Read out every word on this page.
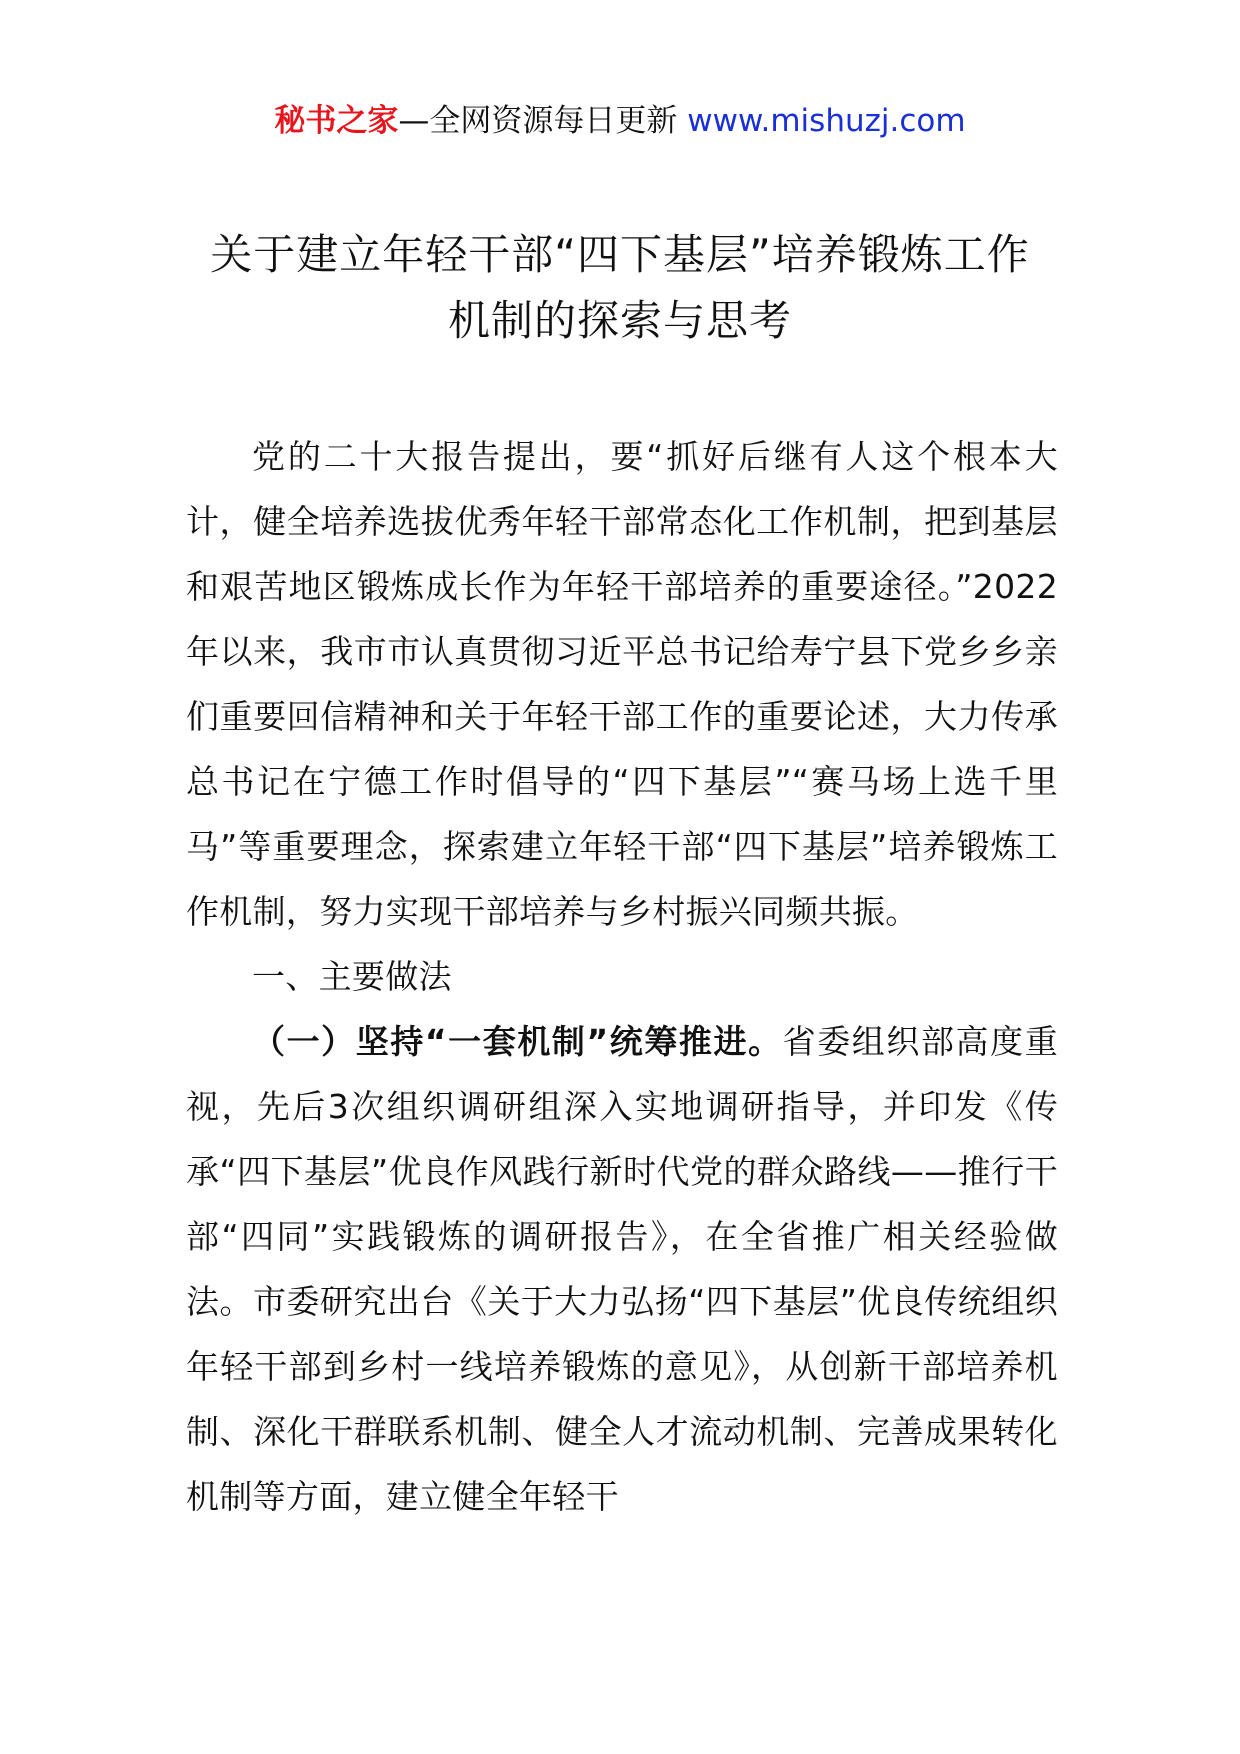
秘书之家—全网资源每日更新 www.mishuzj.com
关于建立年轻干部“四下基层”培养锻炼工作
机制的探索与思考

党的二十大报告提出，要“抓好后继有人这个根本大计，健全培养选拔优秀年轻干部常态化工作机制，把到基层和艰苦地区锻炼成长作为年轻干部培养的重要途径。”2022年以来，我市市认真贯彻习近平总书记给寿宁县下党乡乡亲们重要回信精神和关于年轻干部工作的重要论述，大力传承总书记在宁德工作时倡导的“四下基层”“赛马场上选千里马”等重要理念，探索建立年轻干部“四下基层”培养锻炼工作机制，努力实现干部培养与乡村振兴同频共振。

一、主要做法

（一）坚持“一套机制”统筹推进。省委组织部高度重视，先后3次组织调研组深入实地调研指导，并印发《传承“四下基层”优良作风践行新时代党的群众路线——推行干部“四同”实践锻炼的调研报告》，在全省推广相关经验做法。市委研究出台《关于大力弘扬“四下基层”优良传统组织年轻干部到乡村一线培养锻炼的意见》，从创新干部培养机制、深化干群联系机制、健全人才流动机制、完善成果转化机制等方面，建立健全年轻干
